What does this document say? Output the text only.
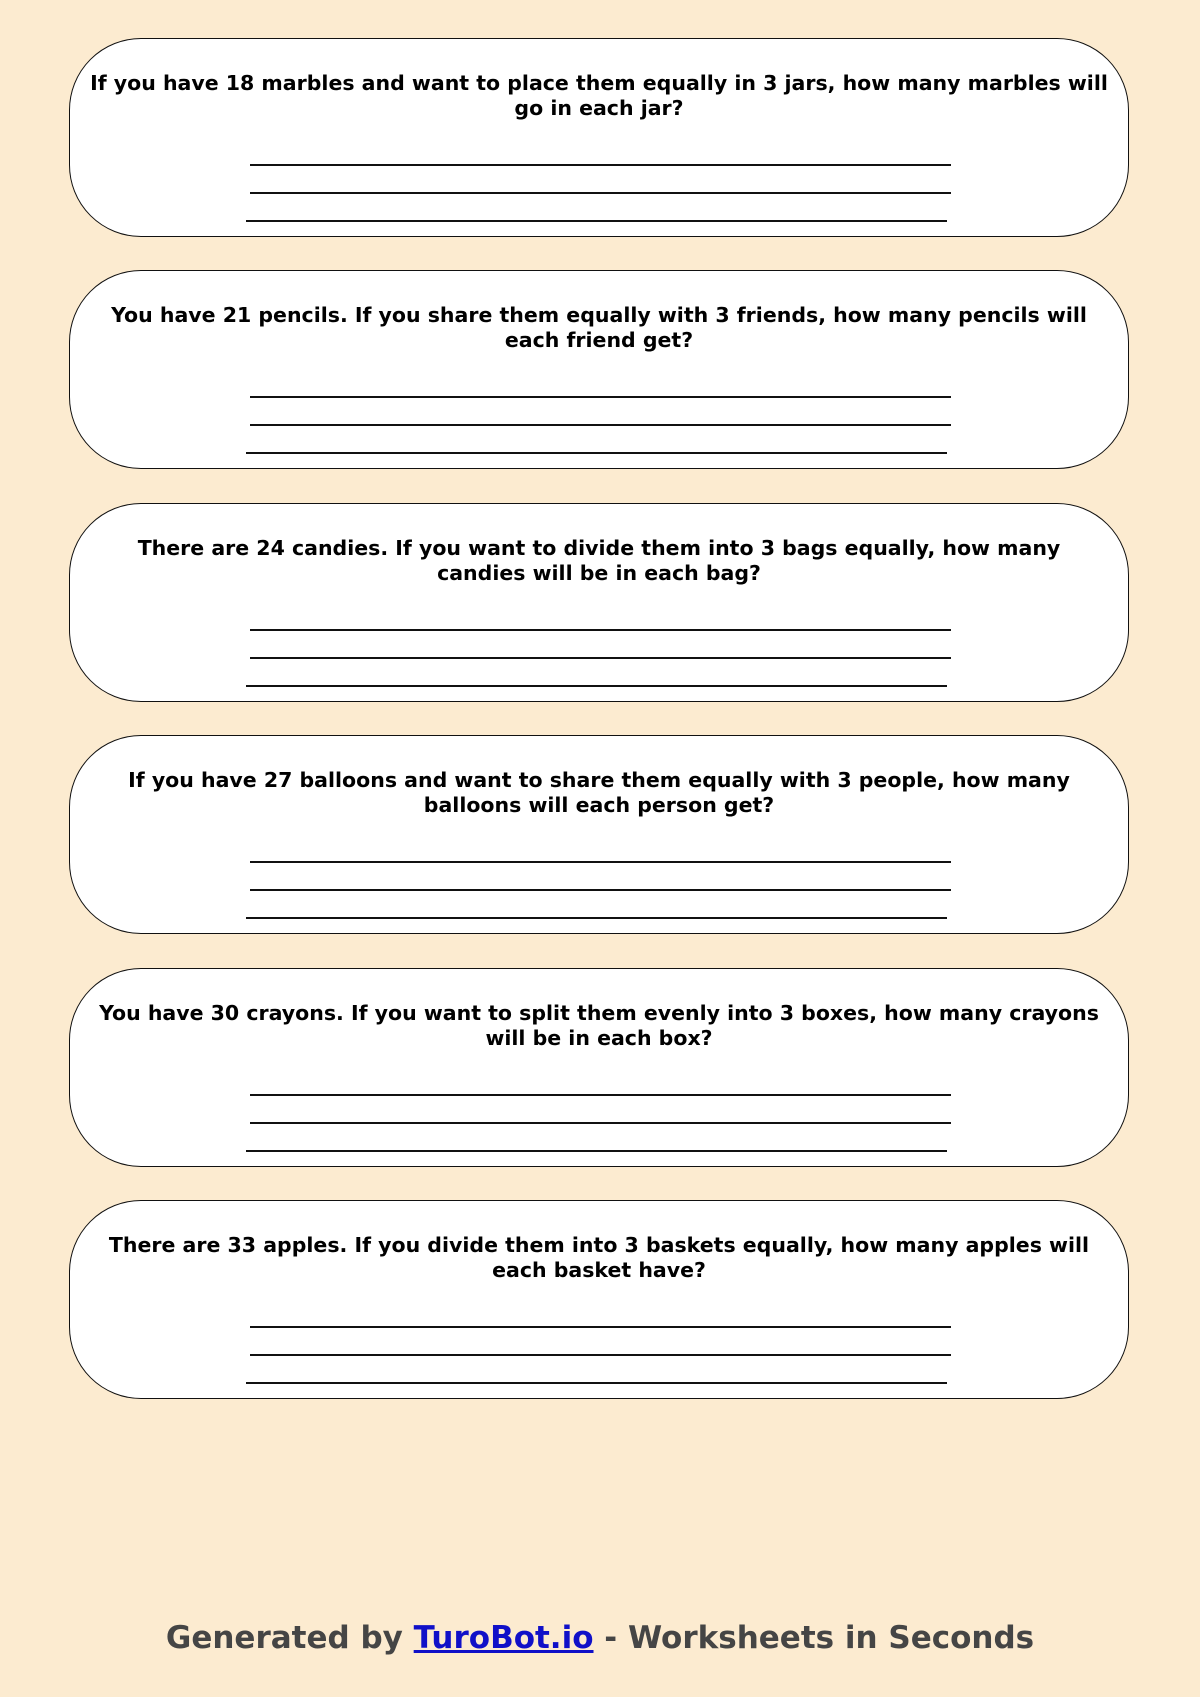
If you have 18 marbles and want to place them equally in 3 jars, how many marbles will go in each jar?

You have 21 pencils. If you share them equally with 3 friends, how many pencils will each friend get?

There are 24 candies. If you want to divide them into 3 bags equally, how many candies will be in each bag?

If you have 27 balloons and want to share them equally with 3 people, how many balloons will each person get?

You have 30 crayons. If you want to split them evenly into 3 boxes, how many crayons will be in each box?

There are 33 apples. If you divide them into 3 baskets equally, how many apples will each basket have?

Generated by TuroBot.io - Worksheets in Seconds
